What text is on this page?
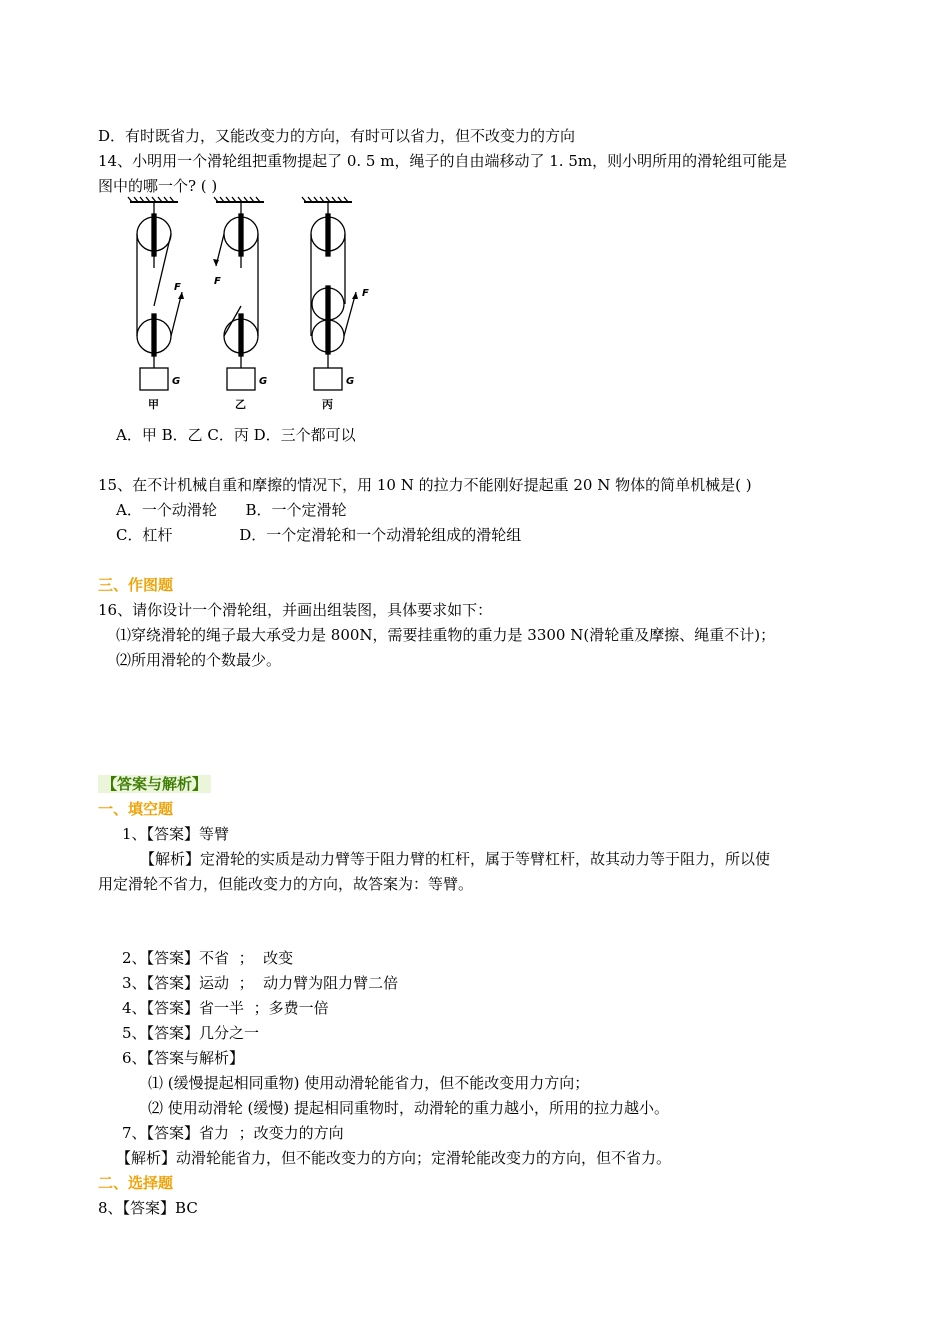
D．有时既省力，又能改变力的方向，有时可以省力，但不改变力的方向
14、小明用一个滑轮组把重物提起了 0. 5 m，绳子的自由端移动了 1. 5m，则小明所用的滑轮组可能是
图中的哪一个? ( )
F
F
F
G	G	G
甲	乙	丙
A．甲 B．乙 C．丙 D．三个都可以
15、在不计机械自重和摩擦的情况下，用 10 N 的拉力不能刚好提起重 20 N 物体的简单机械是( )
A．一个动滑轮      B．一个定滑轮
C．杠杆              D．一个定滑轮和一个动滑轮组成的滑轮组
三、作图题
16、请你设计一个滑轮组，并画出组装图，具体要求如下：
⑴穿绕滑轮的绳子最大承受力是 800N，需要挂重物的重力是 3300 N(滑轮重及摩擦、绳重不计)；
⑵所用滑轮的个数最少。
【答案与解析】
一、填空题
1、【答案】等臂
【解析】定滑轮的实质是动力臂等于阻力臂的杠杆，属于等臂杠杆，故其动力等于阻力，所以使
用定滑轮不省力，但能改变力的方向，故答案为：等臂。
2、【答案】不省  ；  改变
3、【答案】运动  ；  动力臂为阻力臂二倍
4、【答案】省一半  ；多费一倍
5、【答案】几分之一
6、【答案与解析】
⑴ (缓慢提起相同重物) 使用动滑轮能省力，但不能改变用力方向；
⑵ 使用动滑轮 (缓慢) 提起相同重物时，动滑轮的重力越小，所用的拉力越小。
7、【答案】省力  ；改变力的方向
【解析】动滑轮能省力，但不能改变力的方向；定滑轮能改变力的方向，但不省力。
二、选择题
8、【答案】BC
